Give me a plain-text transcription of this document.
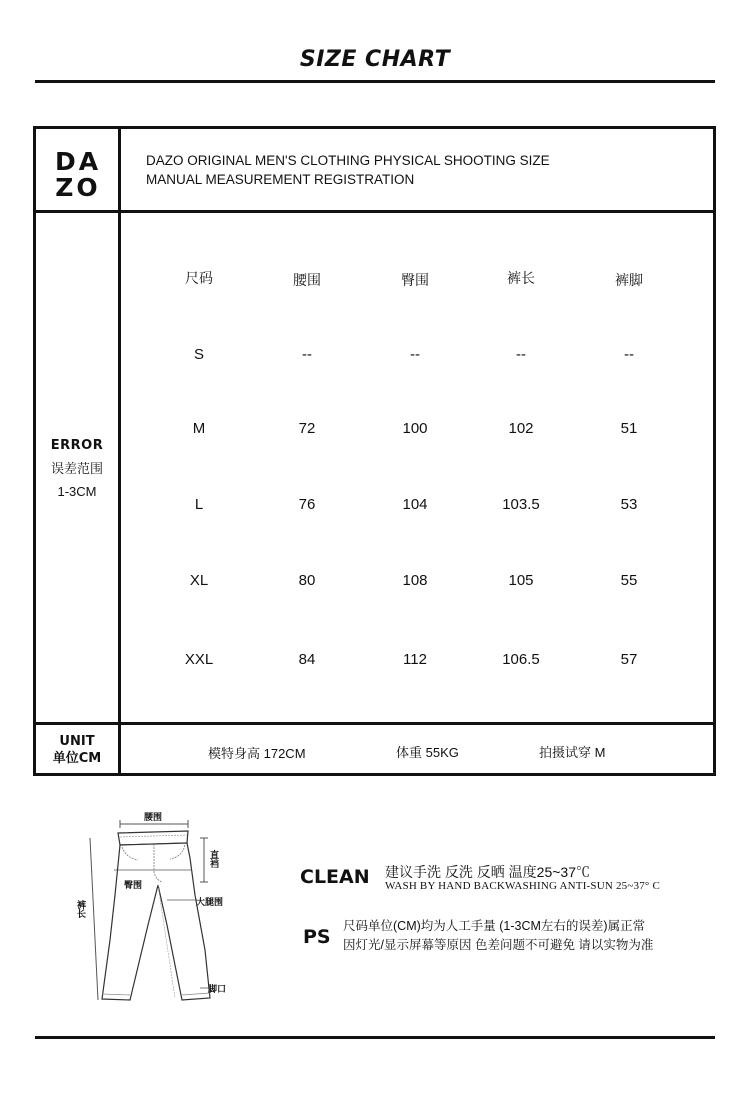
SIZE CHART
DA
ZO
DAZO ORIGINAL MEN'S CLOTHING PHYSICAL SHOOTING SIZE
MANUAL MEASUREMENT REGISTRATION
ERROR
误差范围
1-3CM
UNIT
单位CM
尺码	腰围	臀围	裤长	裤脚
S	--	--	--	--
M	72	100	102	51
L	76	104	103.5	53
XL	80	108	105	55
XXL	84	112	106.5	57
模特身高 172CM	体重 55KG	拍摄试穿 M
腰围
直裆
臀围
裤长	大腿围
脚口
CLEAN 建议手洗 反洗 反晒 温度25~37℃
WASH BY HAND BACKWASHING ANTI-SUN 25~37° C
PS 尺码单位(CM)均为人工手量 (1-3CM左右的误差)属正常
因灯光/显示屏幕等原因 色差问题不可避免 请以实物为准
